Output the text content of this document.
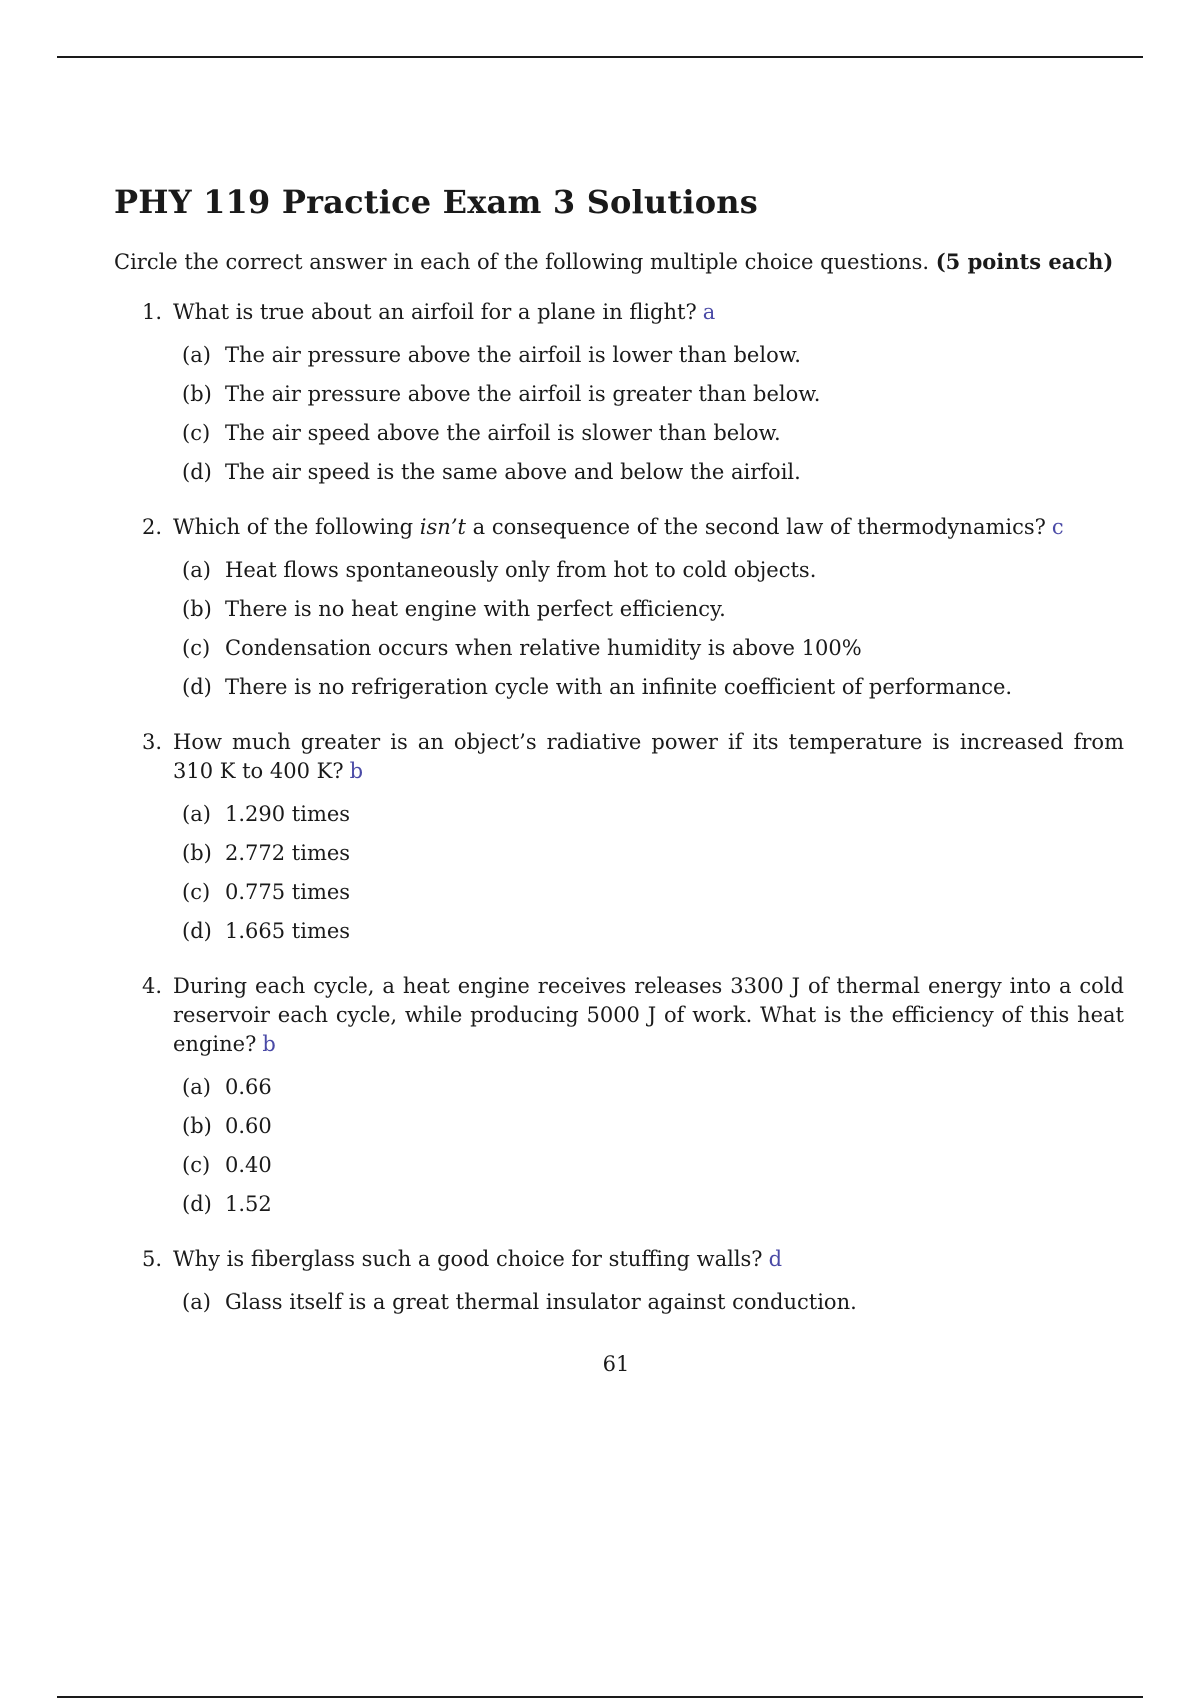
PHY 119 Practice Exam 3 Solutions
Circle the correct answer in each of the following multiple choice questions. (5 points each)
1. What is true about an airfoil for a plane in flight? a
(a) The air pressure above the airfoil is lower than below.
(b) The air pressure above the airfoil is greater than below.
(c) The air speed above the airfoil is slower than below.
(d) The air speed is the same above and below the airfoil.
2. Which of the following isn’t a consequence of the second law of thermodynamics? c
(a) Heat flows spontaneously only from hot to cold objects.
(b) There is no heat engine with perfect efficiency.
(c) Condensation occurs when relative humidity is above 100%
(d) There is no refrigeration cycle with an infinite coefficient of performance.
3. How much greater is an object’s radiative power if its temperature is increased from 310 K to 400 K? b
(a) 1.290 times
(b) 2.772 times
(c) 0.775 times
(d) 1.665 times
4. During each cycle, a heat engine receives releases 3300 J of thermal energy into a cold reservoir each cycle, while producing 5000 J of work. What is the efficiency of this heat engine? b
(a) 0.66
(b) 0.60
(c) 0.40
(d) 1.52
5. Why is fiberglass such a good choice for stuffing walls? d
(a) Glass itself is a great thermal insulator against conduction.
61
